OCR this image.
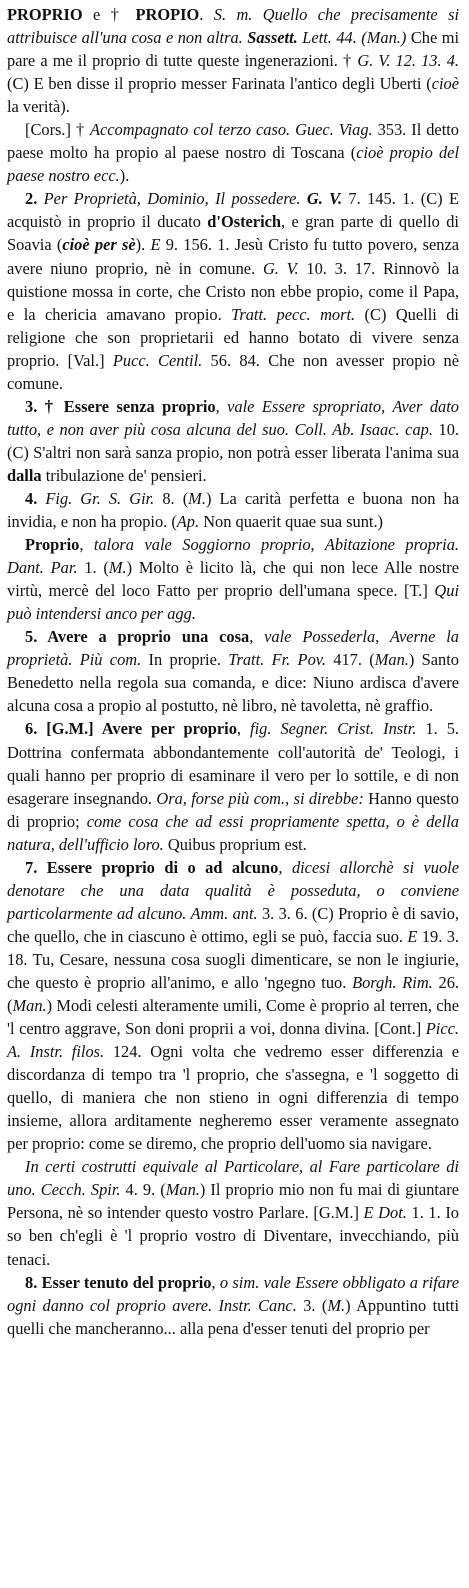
PROPRIO e † PROPIO. S. m. Quello che precisamente si attribuisce all'una cosa e non altra. Sassett. Lett. 44. (Man.) Che mi pare a me il proprio di tutte queste ingenerazioni. † G. V. 12. 13. 4. (C) E ben disse il proprio messer Farinata l'antico degli Uberti (cioè la verità).

[Cors.] † Accompagnato col terzo caso. Guec. Viag. 353. Il detto paese molto ha propio al paese nostro di Toscana (cioè propio del paese nostro ecc.).

2. Per Proprietà, Dominio, Il possedere. G. V. 7. 145. 1. (C) E acquistò in proprio il ducato d'Osterich, e gran parte di quello di Soavia (cioè per sè). E 9. 156. 1. Jesù Cristo fu tutto povero, senza avere niuno proprio, nè in comune. G. V. 10. 3. 17. Rinnovò la quistione mossa in corte, che Cristo non ebbe propio, come il Papa, e la chericia amavano propio. Tratt. pecc. mort. (C) Quelli di religione che son proprietarii ed hanno botato di vivere senza proprio. [Val.] Pucc. Centil. 56. 84. Che non avesser propio nè comune.

3. † Essere senza proprio, vale Essere spropriato, Aver dato tutto, e non aver più cosa alcuna del suo. Coll. Ab. Isaac. cap. 10. (C) S'altri non sarà sanza propio, non potrà esser liberata l'anima sua dalla tribulazione de' pensieri.

4. Fig. Gr. S. Gir. 8. (M.) La carità perfetta e buona non ha invidia, e non ha propio. (Ap. Non quaerit quae sua sunt.)

Proprio, talora vale Soggiorno proprio, Abitazione propria. Dant. Par. 1. (M.) Molto è licito là, che qui non lece Alle nostre virtù, mercè del loco Fatto per proprio dell'umana spece. [T.] Qui può intendersi anco per agg.

5. Avere a proprio una cosa, vale Possederla, Averne la proprietà. Più com. In proprie. Tratt. Fr. Pov. 417. (Man.) Santo Benedetto nella regola sua comanda, e dice: Niuno ardisca d'avere alcuna cosa a propio al postutto, nè libro, nè tavoletta, nè graffio.

6. [G.M.] Avere per proprio, fig. Segner. Crist. Instr. 1. 5. Dottrina confermata abbondantemente coll'autorità de' Teologi, i quali hanno per proprio di esaminare il vero per lo sottile, e di non esagerare insegnando. Ora, forse più com., si direbbe: Hanno questo di proprio; come cosa che ad essi propriamente spetta, o è della natura, dell'ufficio loro. Quibus proprium est.

7. Essere proprio di o ad alcuno, dicesi allorchè si vuole denotare che una data qualità è posseduta, o conviene particolarmente ad alcuno. Amm. ant. 3. 3. 6. (C) Proprio è di savio, che quello, che in ciascuno è ottimo, egli se può, faccia suo. E 19. 3. 18. Tu, Cesare, nessuna cosa suogli dimenticare, se non le ingiurie, che questo è proprio all'animo, e allo 'ngegno tuo. Borgh. Rim. 26. (Man.) Modi celesti alteramente umili, Come è proprio al terren, che 'l centro aggrave, Son doni proprii a voi, donna divina. [Cont.] Picc. A. Instr. filos. 124. Ogni volta che vedremo esser differenzia e discordanza di tempo tra 'l proprio, che s'assegna, e 'l soggetto di quello, di maniera che non stieno in ogni differenzia di tempo insieme, allora arditamente negheremo esser veramente assegnato per proprio: come se diremo, che proprio dell'uomo sia navigare.

In certi costrutti equivale al Particolare, al Fare particolare di uno. Cecch. Spir. 4. 9. (Man.) Il proprio mio non fu mai di giuntare Persona, nè so intender questo vostro Parlare. [G.M.] E Dot. 1. 1. Io so ben ch'egli è 'l proprio vostro di Diventare, invecchiando, più tenaci.

8. Esser tenuto del proprio, o sim. vale Essere obbligato a rifare ogni danno col proprio avere. Instr. Canc. 3. (M.) Appuntino tutti quelli che mancheranno... alla pena d'esser tenuti del proprio per
